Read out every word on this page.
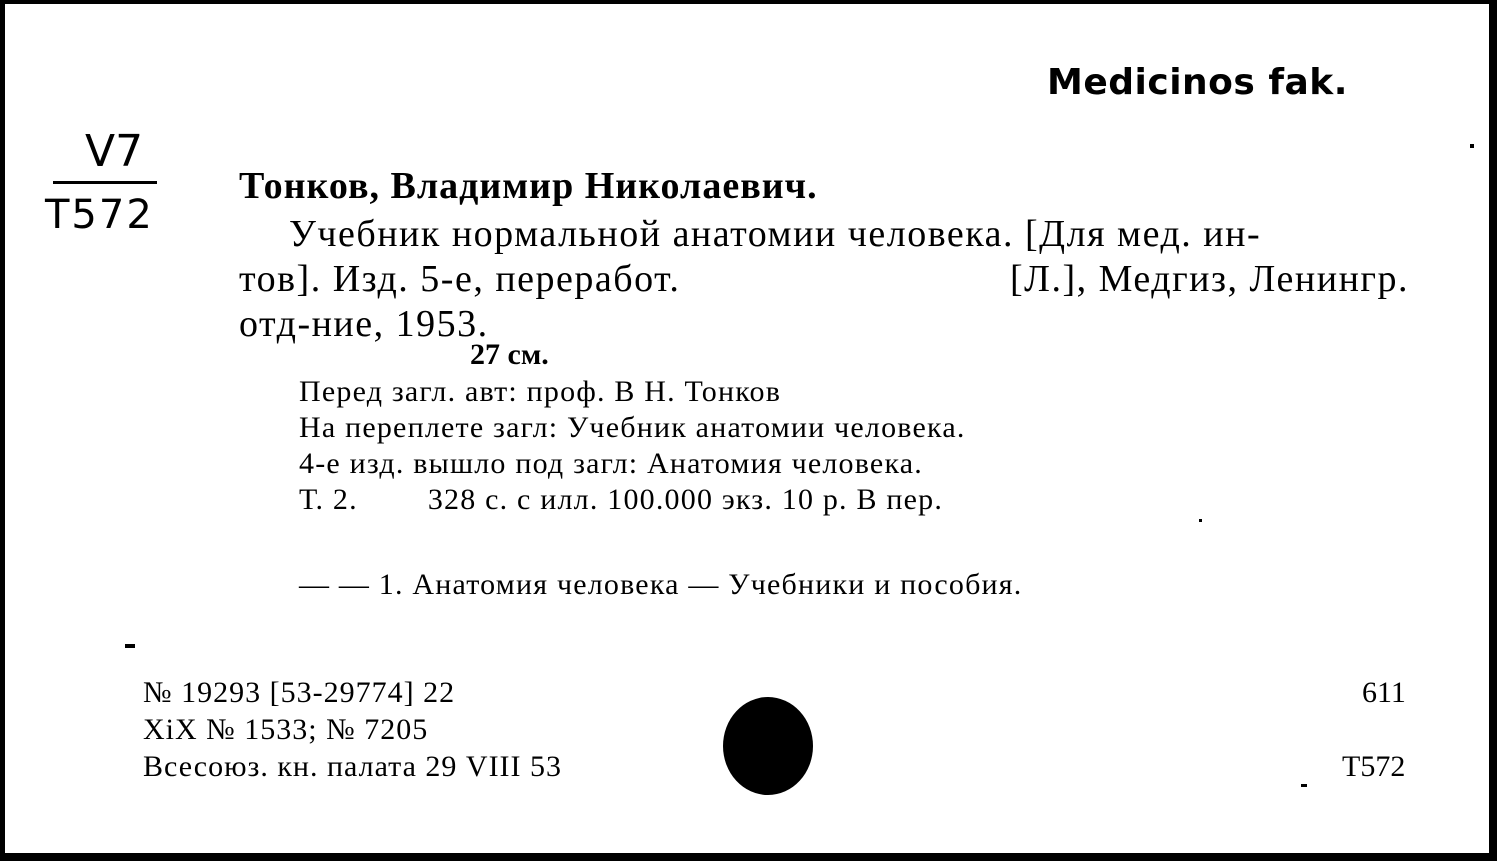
Medicinos fak.
V7
T572
Тонков, Владимир Николаевич.
Учебник нормальной анатомии человека. [Для мед. ин-
тов]. Изд. 5-е, переработ.	[Л.], Медгиз, Ленингр.
отд-ние, 1953.
27 см.
Перед загл. авт: проф. В Н. Тонков
На переплете загл: Учебник анатомии человека.
4-е изд. вышло под загл: Анатомия человека.
Т. 2. 328 с. с илл. 100.000 экз. 10 р. В пер.
— — 1. Анатомия человека — Учебники и пособия.
№ 19293 [53-29774] 22
XiX № 1533; № 7205
Всесоюз. кн. палата 29 VIII 53
611
Т572
